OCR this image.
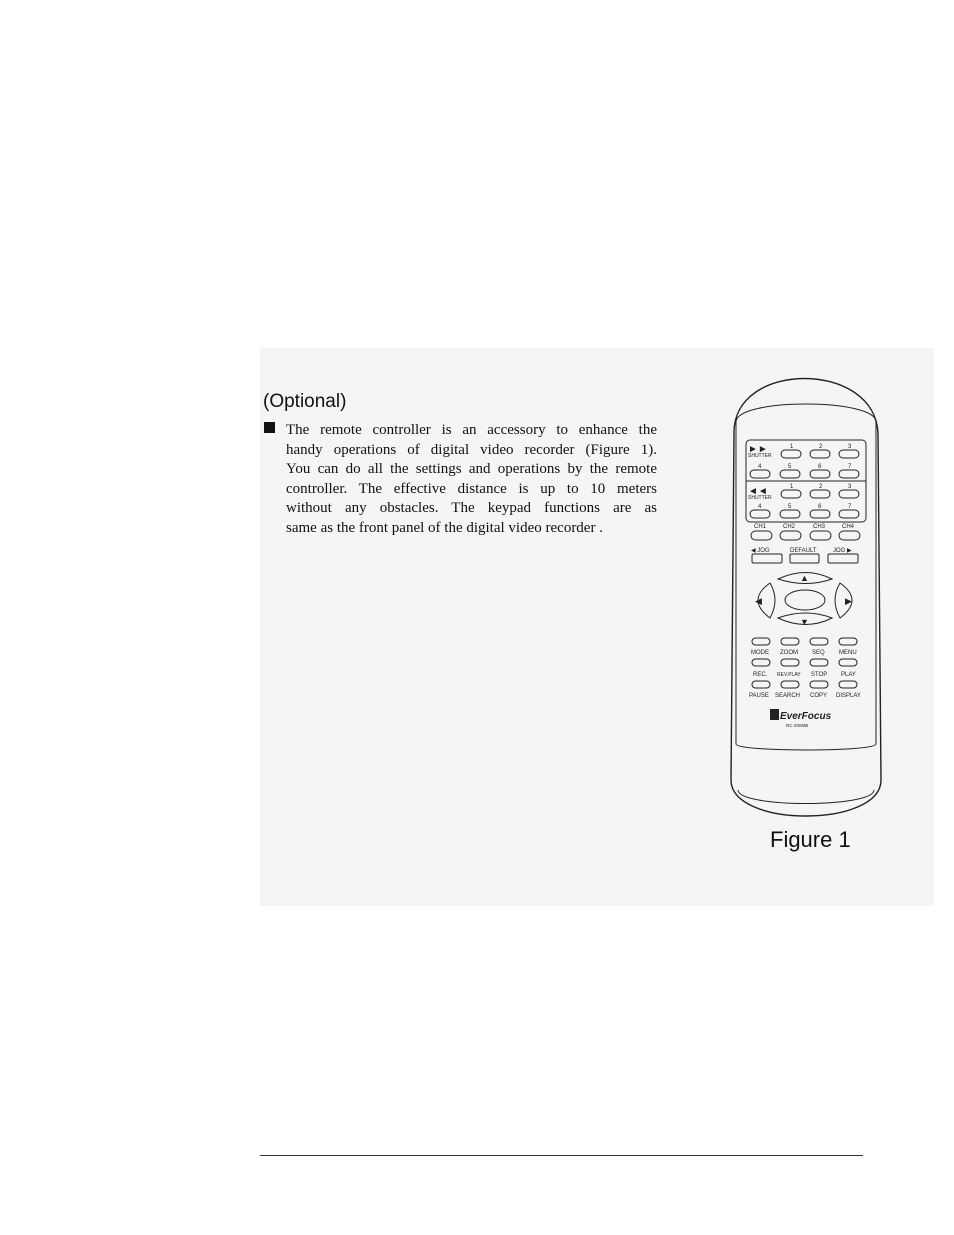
(Optional)
The remote controller is an accessory to enhance the
handy operations of digital video recorder (Figure 1).
You can do all the settings and operations by the remote
controller. The effective distance is up to 10 meters
without any obstacles. The keypad functions are as
same as the front panel of the digital video recorder .
►►
SHUTTER
1	2	3
4	5	6	7
◄◄
SHUTTER
1	2	3
4	5	6	7
CH1	CH2	CH3	CH4
◀ JOG	DEFAULT	JOG ▶
▲
▼
◀	▶
MODE ZOOM SEQ MENU
REC. REV.PLAY STOP PLAY
PAUSE SEARCH COPY DISPLAY
EverFocus
RC-200MB
Figure 1
